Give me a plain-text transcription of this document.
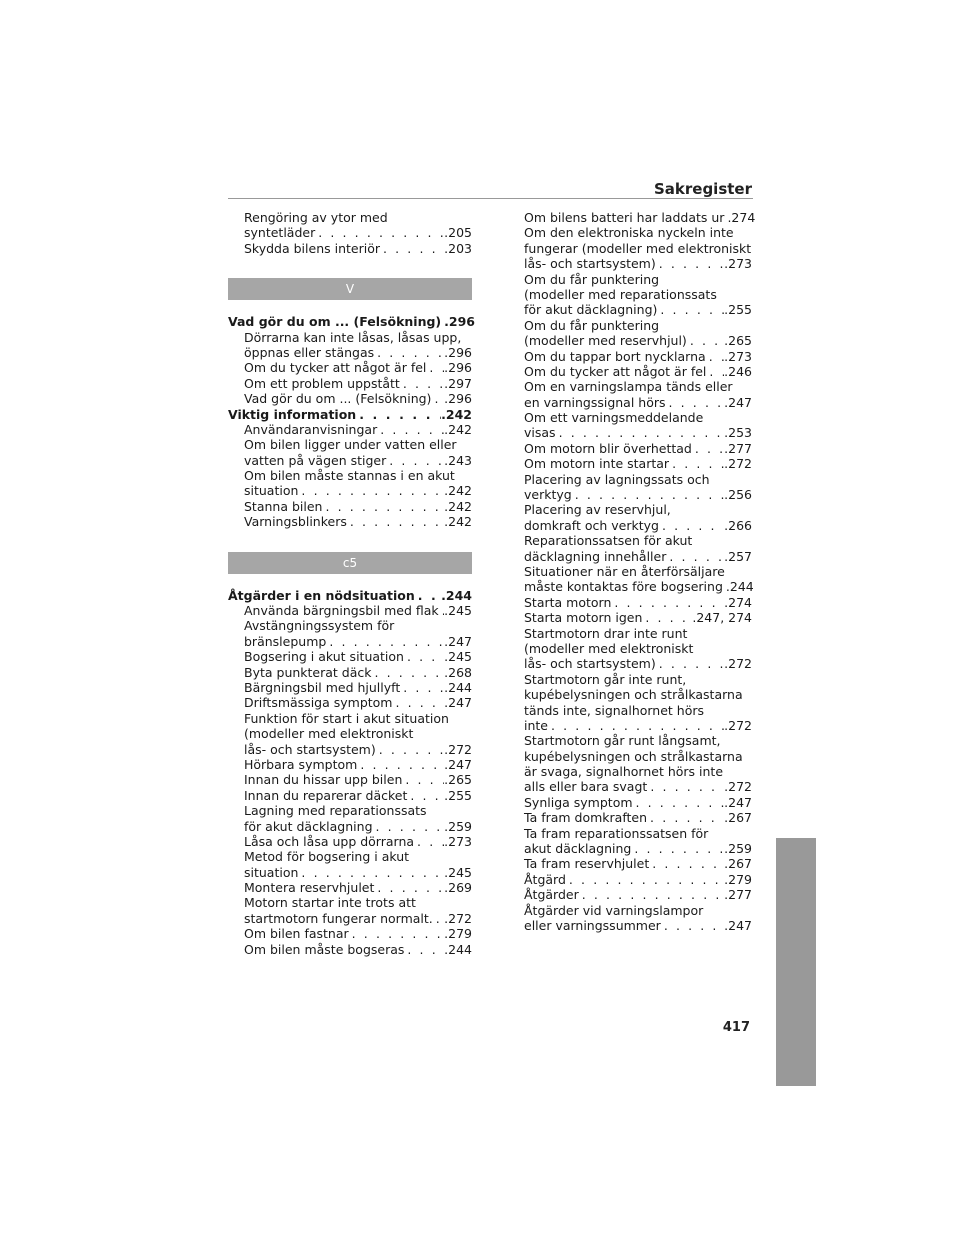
Sakregister
Rengöring av ytor med
syntetläder . . .	.205
Skydda bilens interiör . . .	.203
V
Vad gör du om ... (Felsökning) . . . .296
Dörrarna kan inte låsas, låsas upp,
öppnas eller stängas . . .	.296
Om du tycker att något är fel . . . .296
Om ett problem uppstått . . .	.297
Vad gör du om ... (Felsökning) . . . .296
Viktig information . . .	.242
Användaranvisningar . . .	.242
Om bilen ligger under vatten eller
vatten på vägen stiger . . .	.243
Om bilen måste stannas i en akut
situation . . .	.242
Stanna bilen . . .	.242
Varningsblinkers . . .	.242
c5
Åtgärder i en nödsituation . . . .244
Använda bärgningsbil med flak . . . .245
Avstängningssystem för
bränslepump . . .	.247
Bogsering i akut situation . . .	.245
Byta punkterat däck . . .	.268
Bärgningsbil med hjullyft . . .	.244
Driftsmässiga symptom . . .	.247
Funktion för start i akut situation
(modeller med elektroniskt
lås- och startsystem) . . .	.272
Hörbara symptom . . .	.247
Innan du hissar upp bilen . . .	.265
Innan du reparerar däcket . . .	.255
Lagning med reparationssats
för akut däcklagning . . .	.259
Låsa och låsa upp dörrarna . . . .273
Metod för bogsering i akut
situation . . .	.245
Montera reservhjulet . . .	.269
Motorn startar inte trots att
startmotorn fungerar normalt. . . . .272
Om bilen fastnar . . .	.279
Om bilen måste bogseras . . .	.244
Om bilens batteri har laddats ur . . . .274
Om den elektroniska nyckeln inte
fungerar (modeller med elektroniskt
lås- och startsystem) . . .	.273
Om du får punktering
(modeller med reparationssats
för akut däcklagning) . . .	.255
Om du får punktering
(modeller med reservhjul) . . .	.265
Om du tappar bort nycklarna . . . .273
Om du tycker att något är fel . . . .246
Om en varningslampa tänds eller
en varningssignal hörs . . .	.247
Om ett varningsmeddelande
visas . . .	.253
Om motorn blir överhettad . . .	.277
Om motorn inte startar . . .	.272
Placering av lagningssats och
verktyg . . .	.256
Placering av reservhjul,
domkraft och verktyg . . .	.266
Reparationssatsen för akut
däcklagning innehåller . . .	.257
Situationer när en återförsäljare
måste kontaktas före bogsering . . . .244
Starta motorn . . .	.274
Starta motorn igen . . .	.247, 274
Startmotorn drar inte runt
(modeller med elektroniskt
lås- och startsystem) . . .	.272
Startmotorn går inte runt,
kupébelysningen och strålkastarna
tänds inte, signalhornet hörs
inte . . .	.272
Startmotorn går runt långsamt,
kupébelysningen och strålkastarna
är svaga, signalhornet hörs inte
alls eller bara svagt . . .	.272
Synliga symptom . . .	.247
Ta fram domkraften . . .	.267
Ta fram reparationssatsen för
akut däcklagning . . .	.259
Ta fram reservhjulet . . .	.267
Åtgärd . . .	.279
Åtgärder . . .	.277
Åtgärder vid varningslampor
eller varningssummer . . .	.247
417
